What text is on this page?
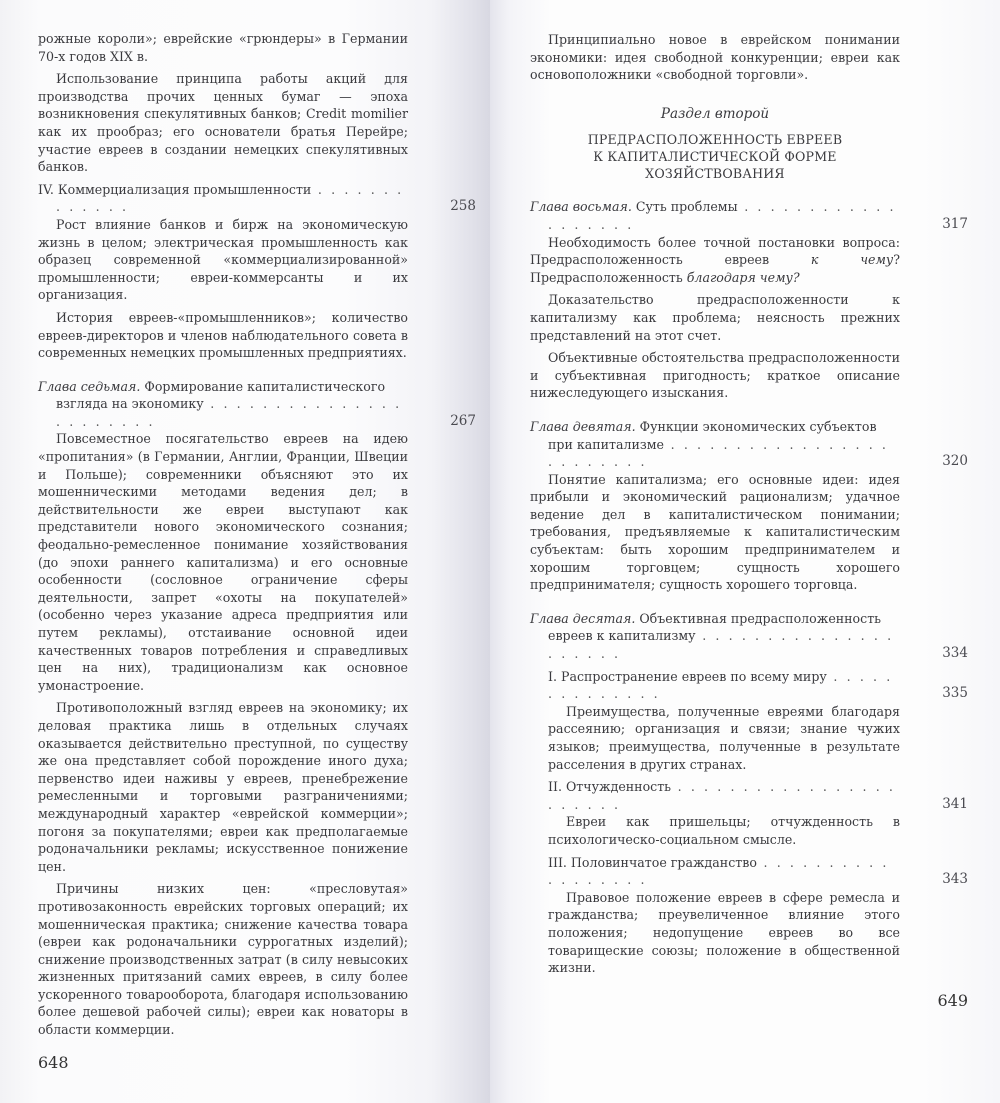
рожные короли»; еврейские «грюндеры» в Германии 70-х годов XIX в.

Использование принципа работы акций для производства прочих ценных бумаг — эпоха возникновения спекулятивных банков; Credit momilier как их прообраз; его основатели братья Перейре; участие евреев в создании немецких спекулятивных банков.

IV. Коммерциализация промышленности . . . . . . . . . . . . .	258

Рост влияние банков и бирж на экономическую жизнь в целом; электрическая промышленность как образец современной «коммерциализированной» промышленности; евреи-коммерсанты и их организация.

История евреев-«промышленников»; количество евреев-директоров и членов наблюдательного совета в современных немецких промышленных предприятиях.

Глава седьмая. Формирование капиталистического взгляда на экономику . . . . . . . . . . . . . . . . . . . . . . .	267

Повсеместное посягательство евреев на идею «пропитания» (в Германии, Англии, Франции, Швеции и Польше); современники объясняют это их мошенническими методами ведения дел; в действительности же евреи выступают как представители нового экономического сознания; феодально-ремесленное понимание хозяйствования (до эпохи раннего капитализма) и его основные особенности (сословное ограничение сферы деятельности, запрет «охоты на покупателей» (особенно через указание адреса предприятия или путем рекламы), отстаивание основной идеи качественных товаров потребления и справедливых цен на них), традиционализм как основное умонастроение.

Противоположный взгляд евреев на экономику; их деловая практика лишь в отдельных случаях оказывается действительно преступной, по существу же она представляет собой порождение иного духа; первенство идеи наживы у евреев, пренебрежение ремесленными и торговыми разграничениями; международный характер «еврейской коммерции»; погоня за покупателями; евреи как предполагаемые родоначальники рекламы; искусственное понижение цен.

Причины низких цен: «пресловутая» противозаконность еврейских торговых операций; их мошенническая практика; снижение качества товара (евреи как родоначальники суррогатных изделий); снижение производственных затрат (в силу невысоких жизненных притязаний самих евреев, в силу более ускоренного товарооборота, благодаря использованию более дешевой рабочей силы); евреи как новаторы в области коммерции.

648

Принципиально новое в еврейском понимании экономики: идея свободной конкуренции; евреи как основоположники «свободной торговли».

Раздел второй
ПРЕДРАСПОЛОЖЕННОСТЬ ЕВРЕЕВ
К КАПИТАЛИСТИЧЕСКОЙ ФОРМЕ ХОЗЯЙСТВОВАНИЯ

Глава восьмая. Суть проблемы . . . . . . . . . . . . . . . . . . .	317

Необходимость более точной постановки вопроса: Предрасположенность евреев к чему? Предрасположенность благодаря чему?

Доказательство предрасположенности к капитализму как проблема; неясность прежних представлений на этот счет.

Объективные обстоятельства предрасположенности и субъективная пригодность; краткое описание нижеследующего изыскания.

Глава девятая. Функции экономических субъектов при капитализме . . . . . . . . . . . . . . . . . . . . . . . . .	320

Понятие капитализма; его основные идеи: идея прибыли и экономический рационализм; удачное ведение дел в капиталистическом понимании; требования, предъявляемые к капиталистическим субъектам: быть хорошим предпринимателем и хорошим торговцем; сущность хорошего предпринимателя; сущность хорошего торговца.

Глава десятая. Объективная предрасположенность евреев к капитализму . . . . . . . . . . . . . . . . . . . . .	334

I. Распространение евреев по всему миру . . . . . . . . . . . . . .	335

Преимущества, полученные евреями благодаря рассеянию; организация и связи; знание чужих языков; преимущества, полученные в результате расселения в других странах.

II. Отчужденность . . . . . . . . . . . . . . . . . . . . . . .	341

Евреи как пришельцы; отчужденность в психологическо-социальном смысле.

III. Половинчатое гражданство . . . . . . . . . . . . . . . . . .	343

Правовое положение евреев в сфере ремесла и гражданства; преувеличенное влияние этого положения; недопущение евреев во все товарищеские союзы; положение в общественной жизни.

649
